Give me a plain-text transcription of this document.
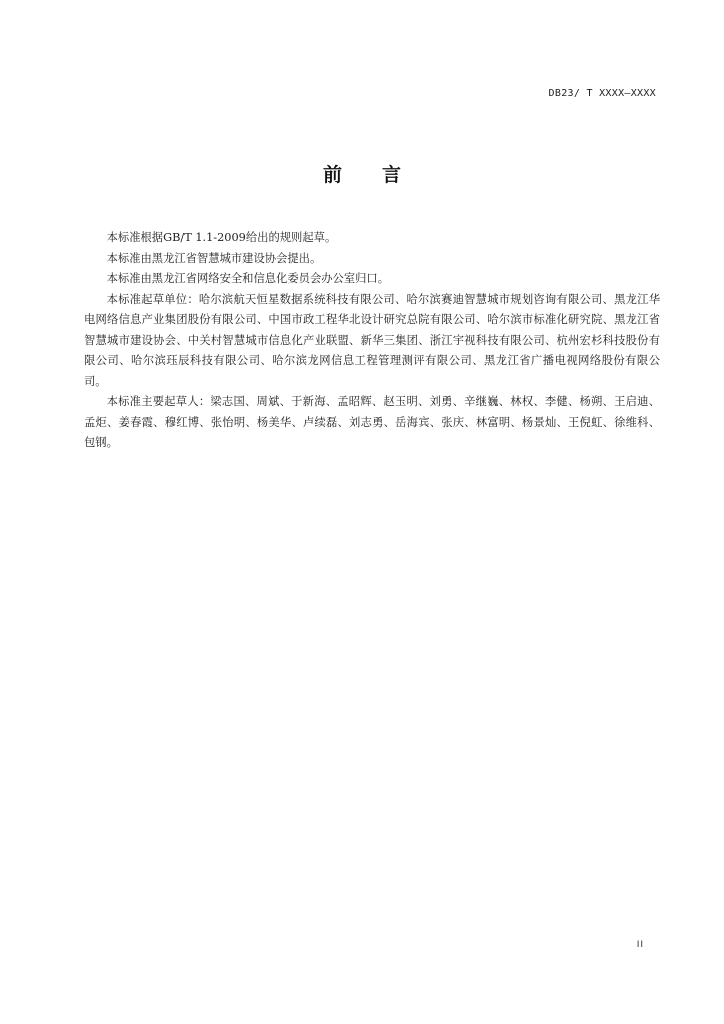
DB23/ T XXXX—XXXX
前 言

本标准根据GB/T 1.1-2009给出的规则起草。

本标准由黑龙江省智慧城市建设协会提出。

本标准由黑龙江省网络安全和信息化委员会办公室归口。

本标准起草单位：哈尔滨航天恒星数据系统科技有限公司、哈尔滨赛迪智慧城市规划咨询有限公司、黑龙江华电网络信息产业集团股份有限公司、中国市政工程华北设计研究总院有限公司、哈尔滨市标准化研究院、黑龙江省智慧城市建设协会、中关村智慧城市信息化产业联盟、新华三集团、浙江宇视科技有限公司、杭州宏杉科技股份有限公司、哈尔滨珏辰科技有限公司、哈尔滨龙网信息工程管理测评有限公司、黑龙江省广播电视网络股份有限公司。

本标准主要起草人：梁志国、周斌、于新海、孟昭辉、赵玉明、刘勇、辛继巍、林权、李健、杨朔、王启迪、孟炬、姜春霞、穆红博、张怡明、杨美华、卢续磊、刘志勇、岳海宾、张庆、林富明、杨景灿、王倪虹、徐维科、包钢。

II
